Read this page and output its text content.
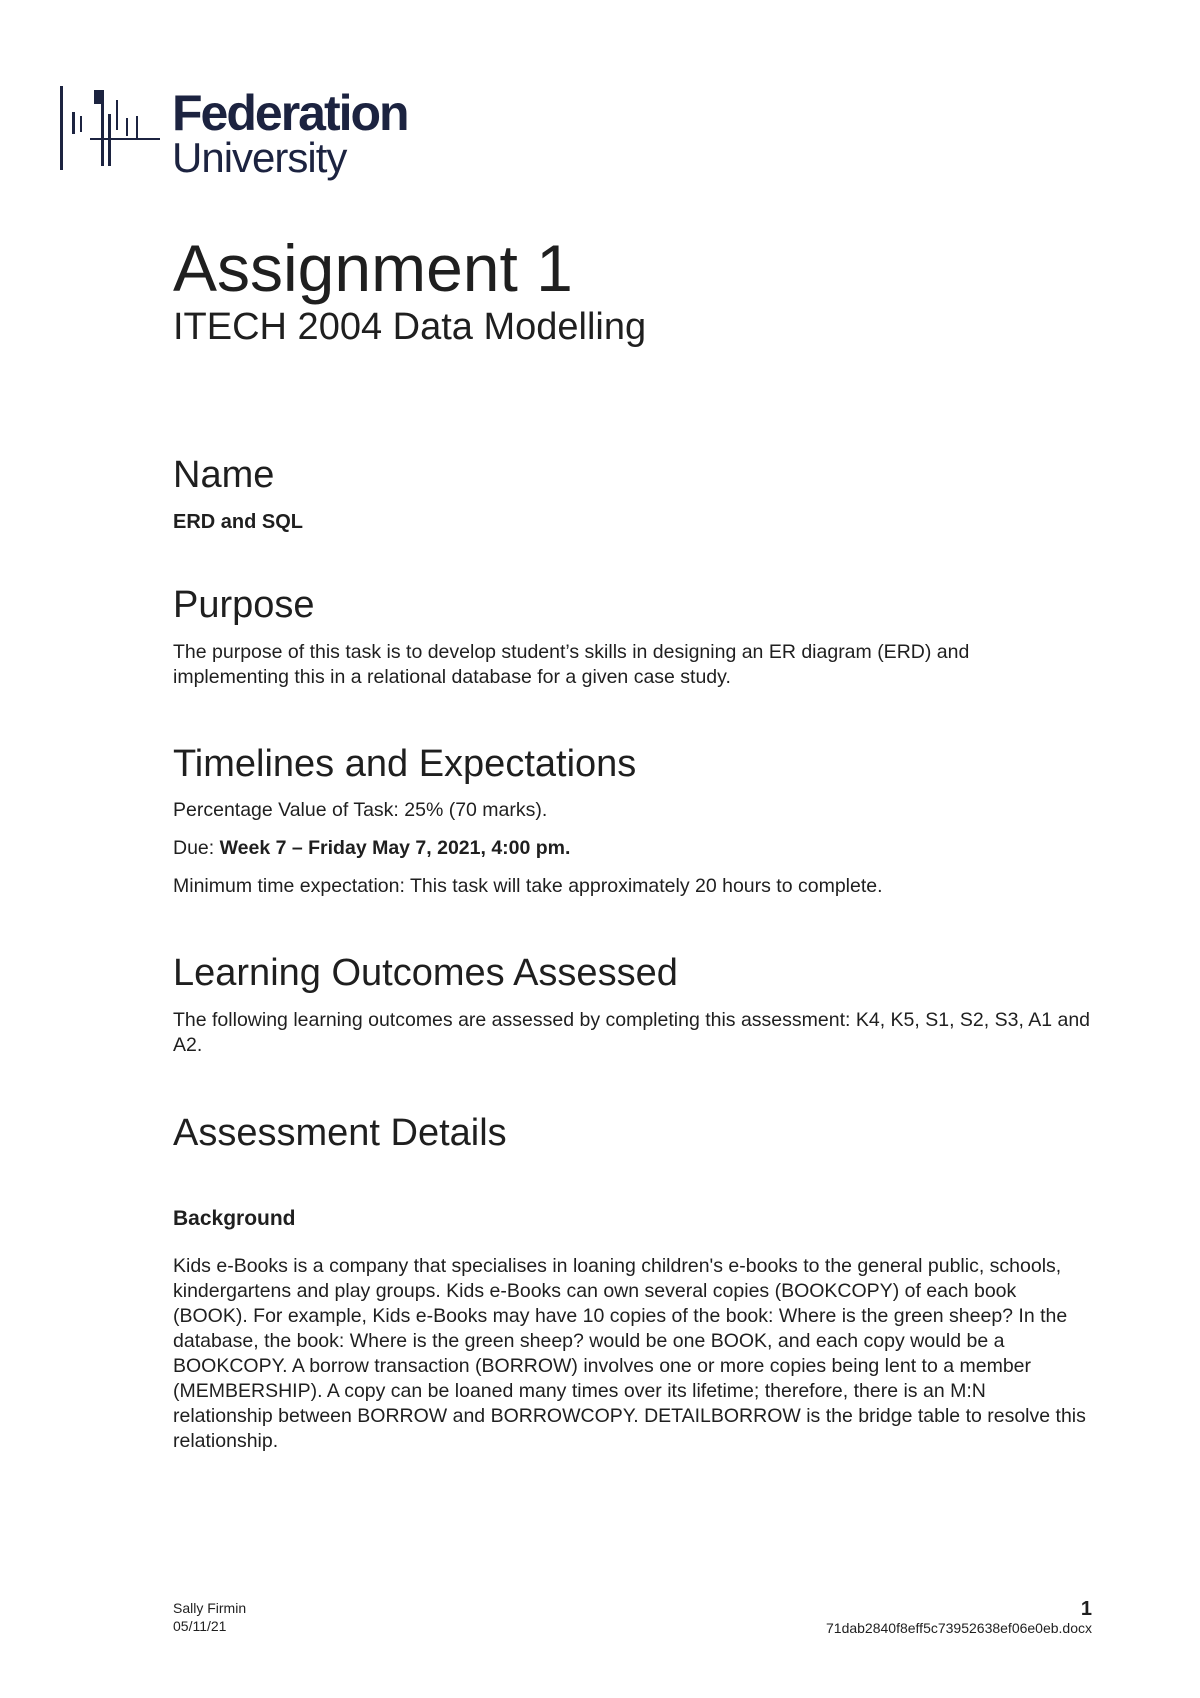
Federation
University
Assignment 1
ITECH 2004 Data Modelling
Name

ERD and SQL

Purpose

The purpose of this task is to develop student’s skills in designing an ER diagram (ERD) and implementing this in a relational database for a given case study.

Timelines and Expectations

Percentage Value of Task: 25% (70 marks).

Due: Week 7 – Friday May 7, 2021, 4:00 pm.

Minimum time expectation: This task will take approximately 20 hours to complete.

Learning Outcomes Assessed

The following learning outcomes are assessed by completing this assessment: K4, K5, S1, S2, S3, A1 and A2.

Assessment Details
Background

Kids e-Books is a company that specialises in loaning children's e-books to the general public, schools, kindergartens and play groups. Kids e-Books can own several copies (BOOKCOPY) of each book (BOOK). For example, Kids e-Books may have 10 copies of the book: Where is the green sheep? In the database, the book: Where is the green sheep? would be one BOOK, and each copy would be a BOOKCOPY. A borrow transaction (BORROW) involves one or more copies being lent to a member (MEMBERSHIP). A copy can be loaned many times over its lifetime; therefore, there is an M:N relationship between BORROW and BORROWCOPY. DETAILBORROW is the bridge table to resolve this relationship.

Sally Firmin
05/11/21
1
71dab2840f8eff5c73952638ef06e0eb.docx
